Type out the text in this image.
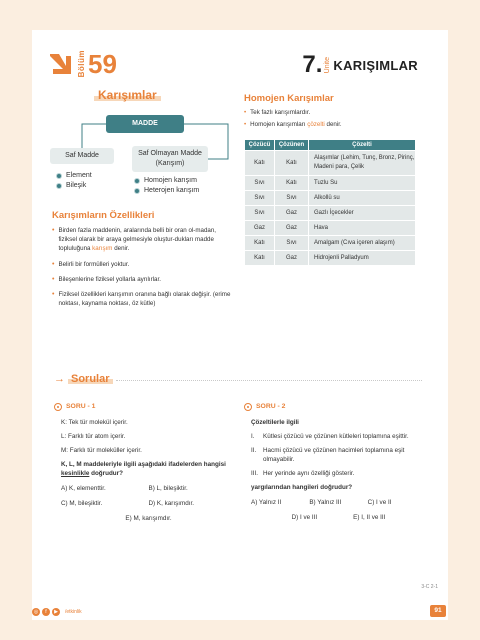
Bölüm 59	7. Ünite KARIŞIMLAR
Karışımlar
MADDE
Saf Madde	Saf Olmayan Madde (Karışım)
Element
Bileşik
Homojen karışım
Heterojen karışım
Karışımların Özellikleri
• Birden fazla maddenin, aralarında belli bir oran ol-madan, fiziksel olarak bir araya gelmesiyle oluştur-dukları madde topluluğuna karışım denir.
• Belirli bir formülleri yoktur.
• Bileşenlerine fiziksel yollarla ayrılırlar.
• Fiziksel özellikleri karışımın oranına bağlı olarak değişir. (erime noktası, kaynama noktası, öz kütle)
Homojen Karışımlar
• Tek fazlı karışımlardır.
• Homojen karışımları çözelti denir.
Çözücü	Çözünen	Çözelti
Katı	Katı	Alaşımlar (Lehim, Tunç, Bronz, Pirinç, Madeni para, Çelik
Sıvı	Katı	Tuzlu Su
Sıvı	Sıvı	Alkollü su
Sıvı	Gaz	Gazlı İçecekler
Gaz	Gaz	Hava
Katı	Sıvı	Amalgam (Cıva içeren alaşım)
Katı	Gaz	Hidrojenli Palladyum
→ Sorular
SORU - 1

K: Tek tür molekül içerir.

L: Farklı tür atom içerir.

M: Farklı tür moleküller içerir.

K, L, M maddeleriyle ilgili aşağıdaki ifadelerden hangisi kesinlikle doğrudur?

A) K, elementtir.	B) L, bileşiktir.
C) M, bileşiktir.	D) K, karışımdır.
E) M, karışımdır.
SORU - 2

Çözeltilerle ilgili

I.	Kütlesi çözücü ve çözünen kütleleri toplamına eşittir.
II.	Hacmi çözücü ve çözünen hacimleri toplamına eşit olmayabilir.
III. Her yerinde aynı özelliği gösterir.

yargılarından hangileri doğrudur?

A) Yalnız II	B) Yalnız III	C) I ve II
D) I ve III	E) I, II ve III
3-C 2-1
◎	f	▶	/etkinlik	91
